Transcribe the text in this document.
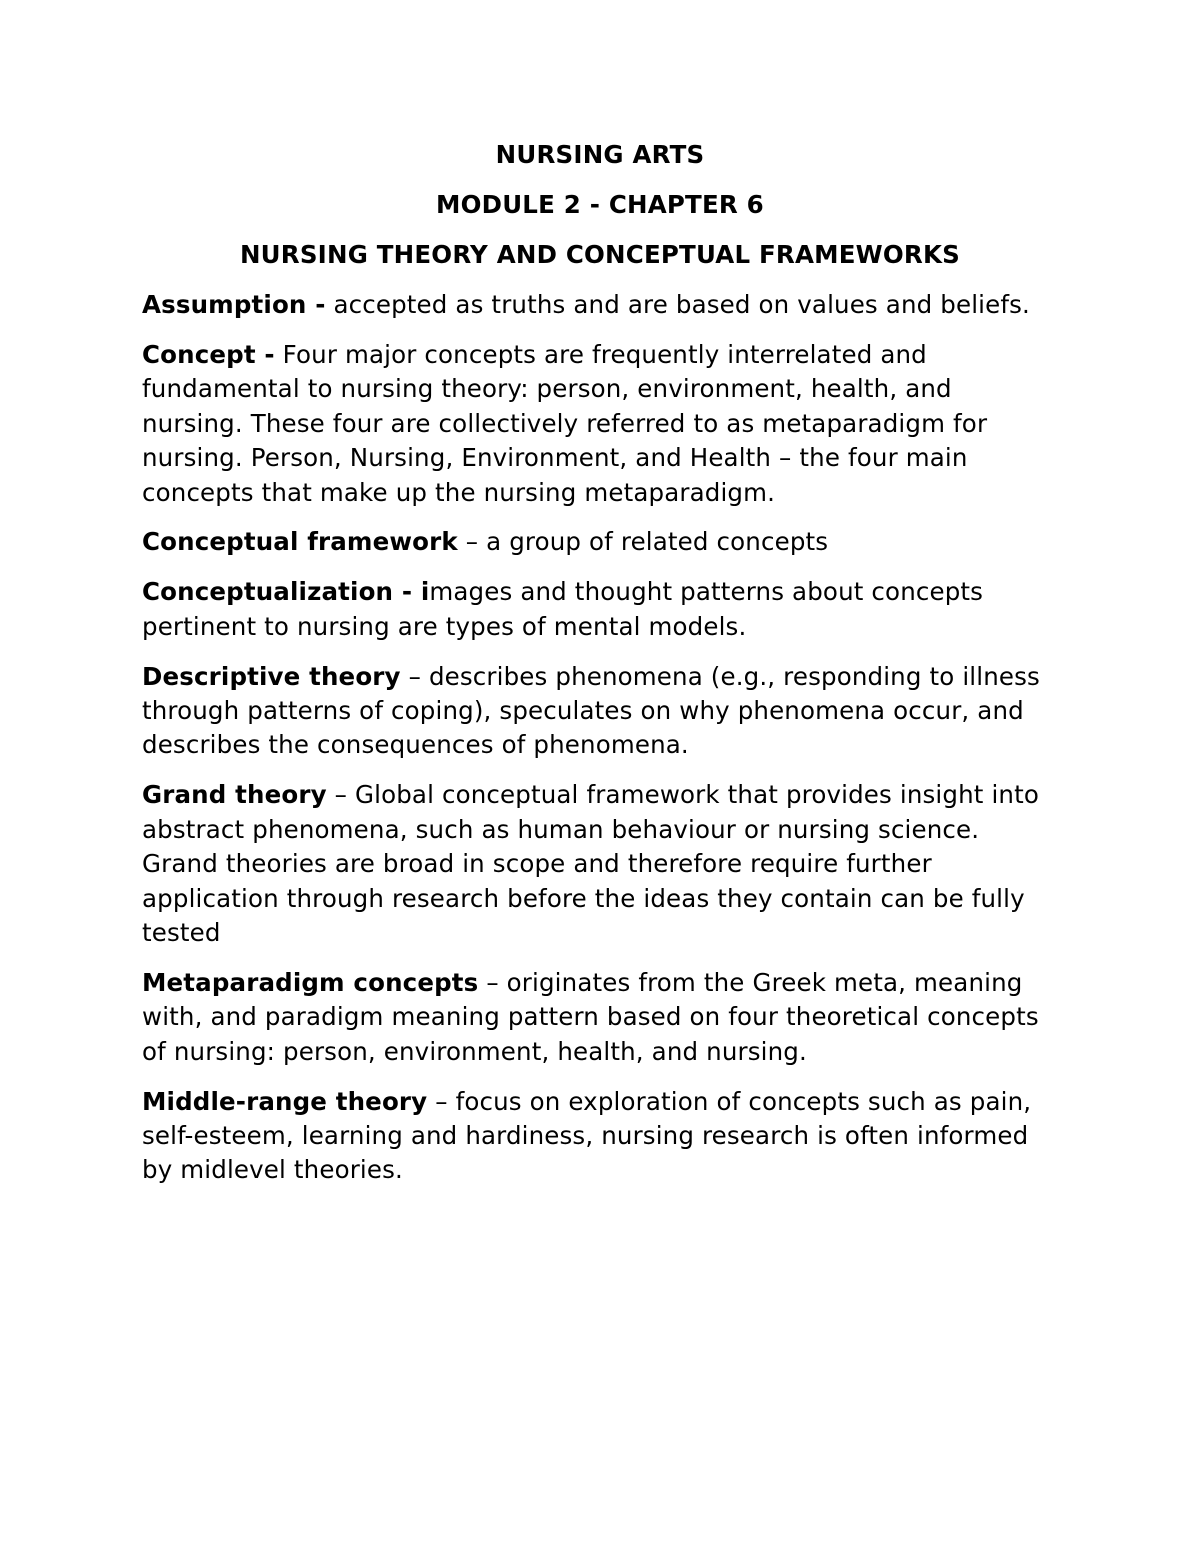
NURSING ARTS
MODULE 2 - CHAPTER 6
NURSING THEORY AND CONCEPTUAL FRAMEWORKS
Assumption - accepted as truths and are based on values and beliefs.
Concept - Four major concepts are frequently interrelated and fundamental to nursing theory: person, environment, health, and nursing. These four are collectively referred to as metaparadigm for nursing. Person, Nursing, Environment, and Health – the four main concepts that make up the nursing metaparadigm.
Conceptual framework – a group of related concepts
Conceptualization - images and thought patterns about concepts pertinent to nursing are types of mental models.
Descriptive theory – describes phenomena (e.g., responding to illness through patterns of coping), speculates on why phenomena occur, and describes the consequences of phenomena.
Grand theory – Global conceptual framework that provides insight into abstract phenomena, such as human behaviour or nursing science. Grand theories are broad in scope and therefore require further application through research before the ideas they contain can be fully tested
Metaparadigm concepts – originates from the Greek meta, meaning with, and paradigm meaning pattern based on four theoretical concepts of nursing: person, environment, health, and nursing.
Middle-range theory – focus on exploration of concepts such as pain, self-esteem, learning and hardiness, nursing research is often informed by midlevel theories.
